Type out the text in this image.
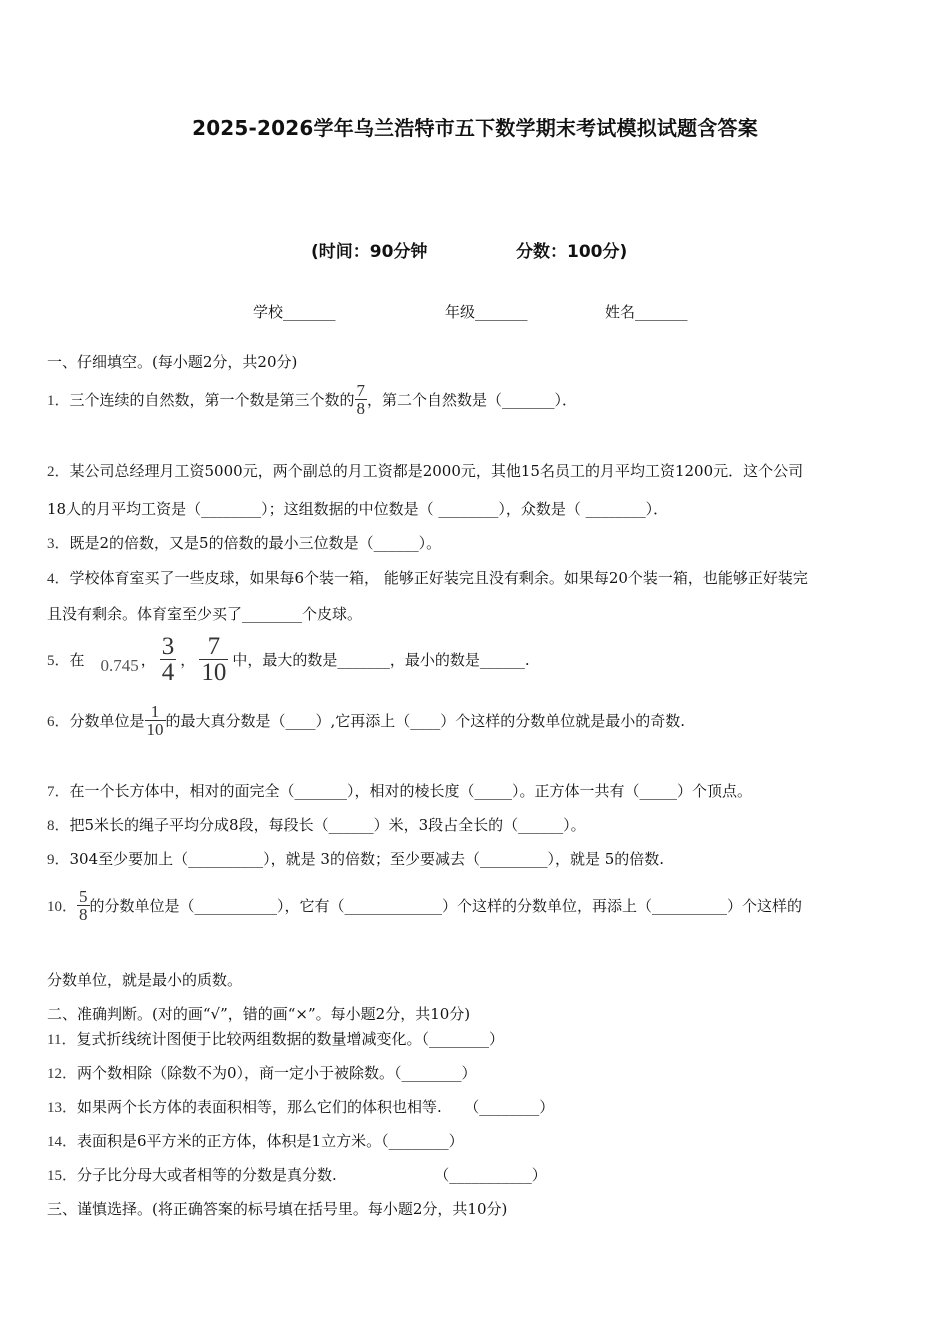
2025-2026学年乌兰浩特市五下数学期末考试模拟试题含答案
(时间：90分钟	分数：100分)
学校_______	年级_______	姓名_______
一、仔细填空。(每小题2分，共20分)
1． 三个连续的自然数，第一个数是第三个数的 $\frac{7}{8}$ ，第二个自然数是（_______）．
2．某公司总经理月工资5000元，两个副总的月工资都是2000元，其他15名员工的月平均工资1200元．这个公司
18人的月平均工资是（________）；这组数据的中位数是（ ________），众数是（ ________）．
3．既是2的倍数，又是5的倍数的最小三位数是（______）。
4．学校体育室买了一些皮球，如果每6个装一箱， 能够正好装完且没有剩余。如果每20个装一箱，也能够正好装完
且没有剩余。体育室至少买了________个皮球。
5． 在 0.745 ， $\frac{3}{4}$ ， $\frac{7}{10}$ 中，最大的数是_______，最小的数是______.
6． 分数单位是 $\frac{1}{10}$ 的最大真分数是（____）,它再添上（____）个这样的分数单位就是最小的奇数.
7．在一个长方体中，相对的面完全（_______），相对的棱长度（_____）。正方体一共有（_____）个顶点。
8．把5米长的绳子平均分成8段，每段长（______）米，3段占全长的（______）。
9．304至少要加上（__________），就是 3的倍数；至少要减去（_________），就是 5的倍数.
10． $\frac{5}{8}$ 的分数单位是（___________），它有（_____________）个这样的分数单位，再添上（__________）个这样的
分数单位，就是最小的质数。
二、准确判断。(对的画“√”，错的画“×”。每小题2分，共10分)
11．复式折线统计图便于比较两组数据的数量增减变化。（________）
12．两个数相除（除数不为0），商一定小于被除数。（________）
13．如果两个长方体的表面积相等，那么它们的体积也相等.　　（________）
14．表面积是6平方米的正方体，体积是1立方米。（________）
15．分子比分母大或者相等的分数是真分数.　　　　　　　（___________）
三、谨慎选择。(将正确答案的标号填在括号里。每小题2分，共10分)
